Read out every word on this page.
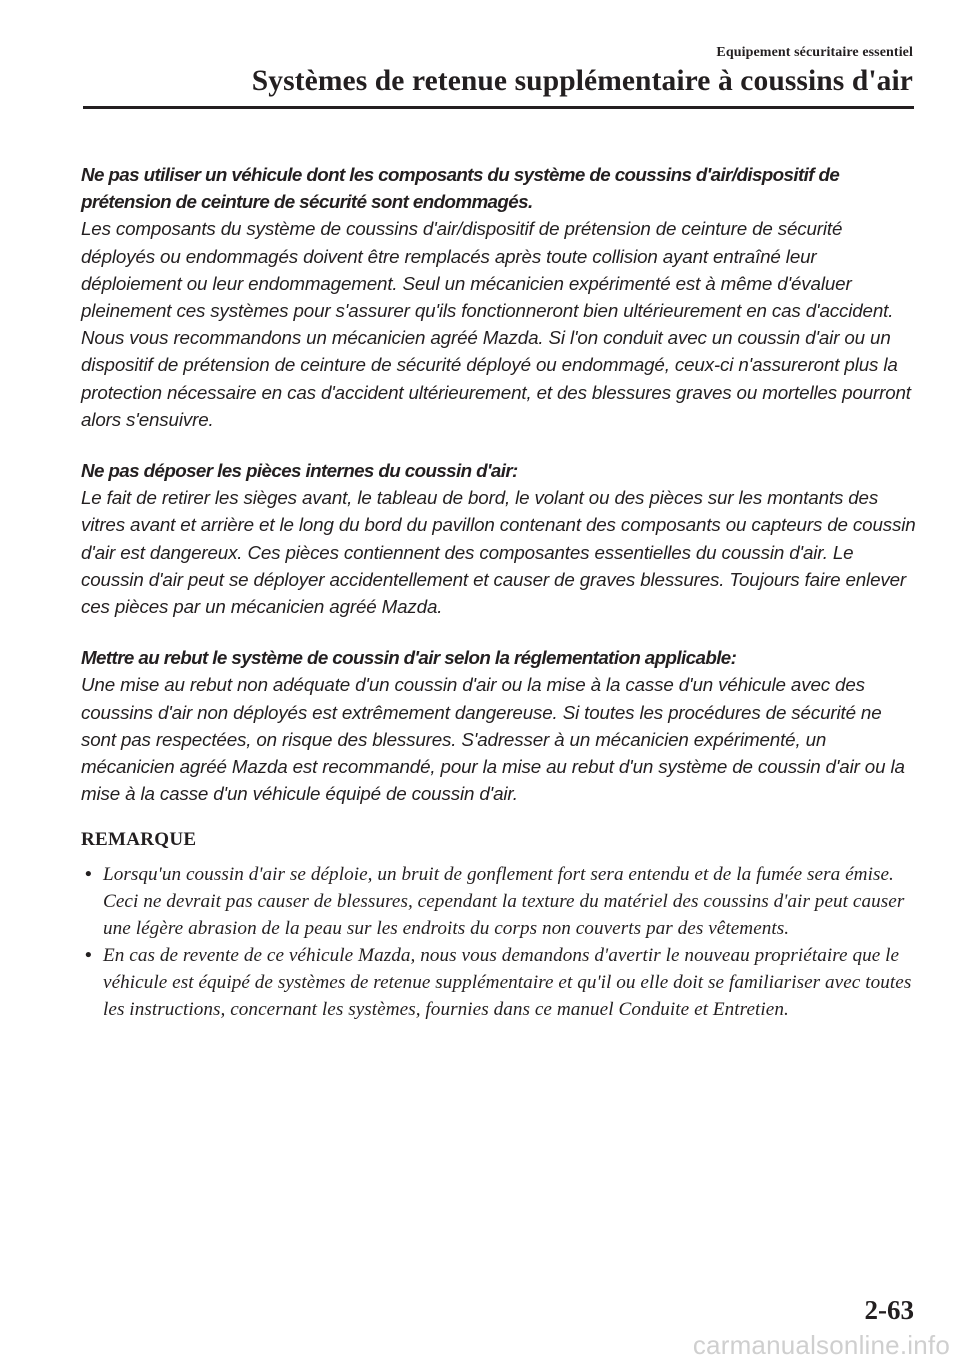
Equipement sécuritaire essentiel
Systèmes de retenue supplémentaire à coussins d'air
Ne pas utiliser un véhicule dont les composants du système de coussins d'air/dispositif de prétension de ceinture de sécurité sont endommagés.
Les composants du système de coussins d'air/dispositif de prétension de ceinture de sécurité déployés ou endommagés doivent être remplacés après toute collision ayant entraîné leur déploiement ou leur endommagement. Seul un mécanicien expérimenté est à même d'évaluer pleinement ces systèmes pour s'assurer qu'ils fonctionneront bien ultérieurement en cas d'accident. Nous vous recommandons un mécanicien agréé Mazda. Si l'on conduit avec un coussin d'air ou un dispositif de prétension de ceinture de sécurité déployé ou endommagé, ceux-ci n'assureront plus la protection nécessaire en cas d'accident ultérieurement, et des blessures graves ou mortelles pourront alors s'ensuivre.
Ne pas déposer les pièces internes du coussin d'air:
Le fait de retirer les sièges avant, le tableau de bord, le volant ou des pièces sur les montants des vitres avant et arrière et le long du bord du pavillon contenant des composants ou capteurs de coussin d'air est dangereux. Ces pièces contiennent des composantes essentielles du coussin d'air. Le coussin d'air peut se déployer accidentellement et causer de graves blessures. Toujours faire enlever ces pièces par un mécanicien agréé Mazda.
Mettre au rebut le système de coussin d'air selon la réglementation applicable:
Une mise au rebut non adéquate d'un coussin d'air ou la mise à la casse d'un véhicule avec des coussins d'air non déployés est extrêmement dangereuse. Si toutes les procédures de sécurité ne sont pas respectées, on risque des blessures. S'adresser à un mécanicien expérimenté, un mécanicien agréé Mazda est recommandé, pour la mise au rebut d'un système de coussin d'air ou la mise à la casse d'un véhicule équipé de coussin d'air.
REMARQUE
• Lorsqu'un coussin d'air se déploie, un bruit de gonflement fort sera entendu et de la fumée sera émise. Ceci ne devrait pas causer de blessures, cependant la texture du matériel des coussins d'air peut causer une légère abrasion de la peau sur les endroits du corps non couverts par des vêtements.
• En cas de revente de ce véhicule Mazda, nous vous demandons d'avertir le nouveau propriétaire que le véhicule est équipé de systèmes de retenue supplémentaire et qu'il ou elle doit se familiariser avec toutes les instructions, concernant les systèmes, fournies dans ce manuel Conduite et Entretien.
2-63
carmanualsonline.info
